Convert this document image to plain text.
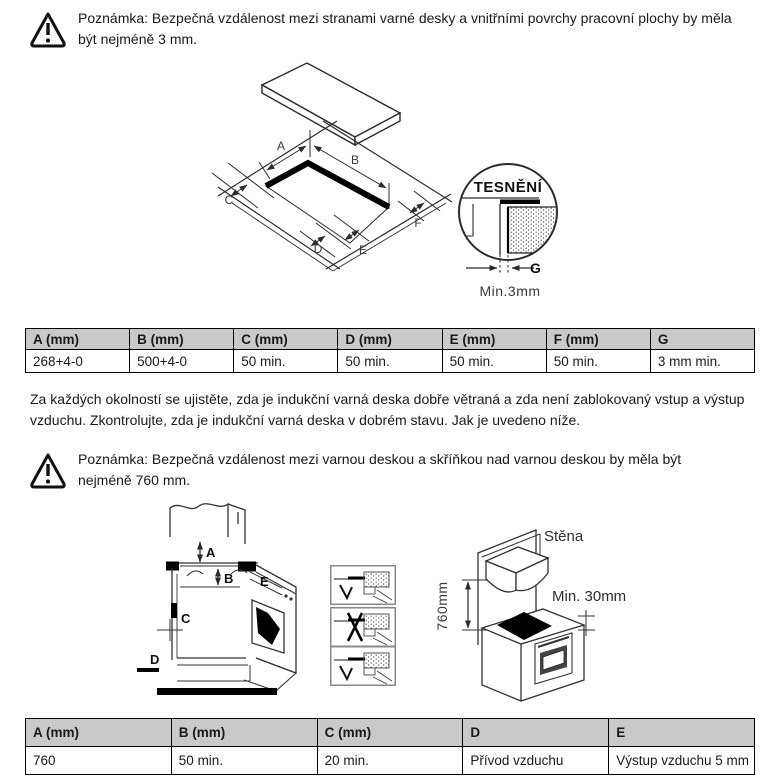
Poznámka: Bezpečná vzdálenost mezi stranami varné desky a vnitřními povrchy pracovní plochy by měla být nejméně 3 mm.
A
B
C
F
D	E
TESNĚNÍ
G
Min.3mm
A (mm)	B (mm)	C (mm)	D (mm)	E (mm)	F (mm)	G
268+4-0	500+4-0	50 min.	50 min.	50 min.	50 min.	3 mm min.
Za každých okolností se ujistěte, zda je indukční varná deska dobře větraná a zda není zablokovaný vstup a výstup vzduchu. Zkontrolujte, zda je indukční varná deska v dobrém stavu. Jak je uvedeno níže.
Poznámka: Bezpečná vzdálenost mezi varnou deskou a skříňkou nad varnou deskou by měla být nejméně 760 mm.
A
B
C
D
E
Stěna
Min. 30mm
760mm
A (mm)	B (mm)	C (mm)	D	E
760	50 min.	20 min.	Přívod vzduchu	Výstup vzduchu 5 mm
